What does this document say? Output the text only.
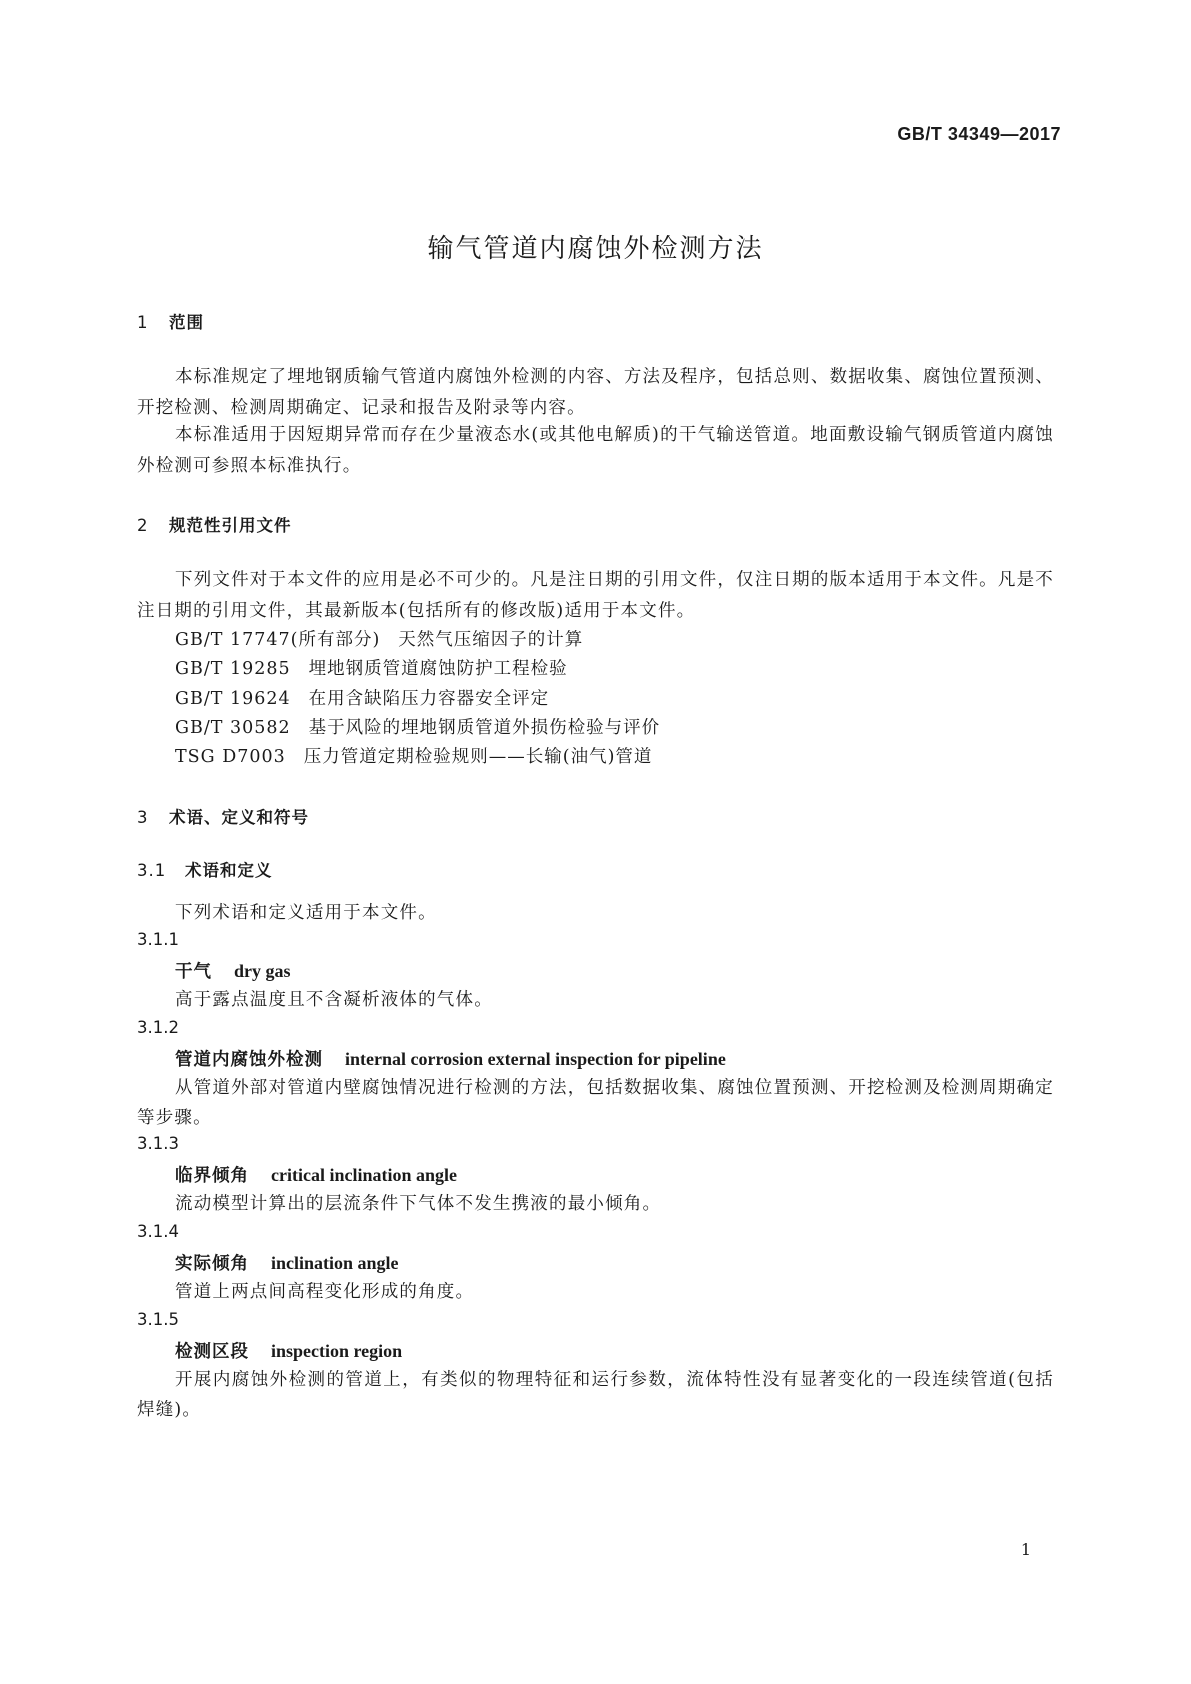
GB/T 34349—2017
输气管道内腐蚀外检测方法
1 范围
本标准规定了埋地钢质输气管道内腐蚀外检测的内容、方法及程序，包括总则、数据收集、腐蚀位置预测、开挖检测、检测周期确定、记录和报告及附录等内容。
本标准适用于因短期异常而存在少量液态水(或其他电解质)的干气输送管道。地面敷设输气钢质管道内腐蚀外检测可参照本标准执行。
2 规范性引用文件
下列文件对于本文件的应用是必不可少的。凡是注日期的引用文件，仅注日期的版本适用于本文件。凡是不注日期的引用文件，其最新版本(包括所有的修改版)适用于本文件。
GB/T 17747(所有部分) 天然气压缩因子的计算
GB/T 19285 埋地钢质管道腐蚀防护工程检验
GB/T 19624 在用含缺陷压力容器安全评定
GB/T 30582 基于风险的埋地钢质管道外损伤检验与评价
TSG D7003 压力管道定期检验规则——长输(油气)管道
3 术语、定义和符号
3.1 术语和定义
下列术语和定义适用于本文件。
3.1.1
干气 dry gas
高于露点温度且不含凝析液体的气体。
3.1.2
管道内腐蚀外检测 internal corrosion external inspection for pipeline
从管道外部对管道内壁腐蚀情况进行检测的方法，包括数据收集、腐蚀位置预测、开挖检测及检测周期确定等步骤。
3.1.3
临界倾角 critical inclination angle
流动模型计算出的层流条件下气体不发生携液的最小倾角。
3.1.4
实际倾角 inclination angle
管道上两点间高程变化形成的角度。
3.1.5
检测区段 inspection region
开展内腐蚀外检测的管道上，有类似的物理特征和运行参数，流体特性没有显著变化的一段连续管道(包括焊缝)。
1
